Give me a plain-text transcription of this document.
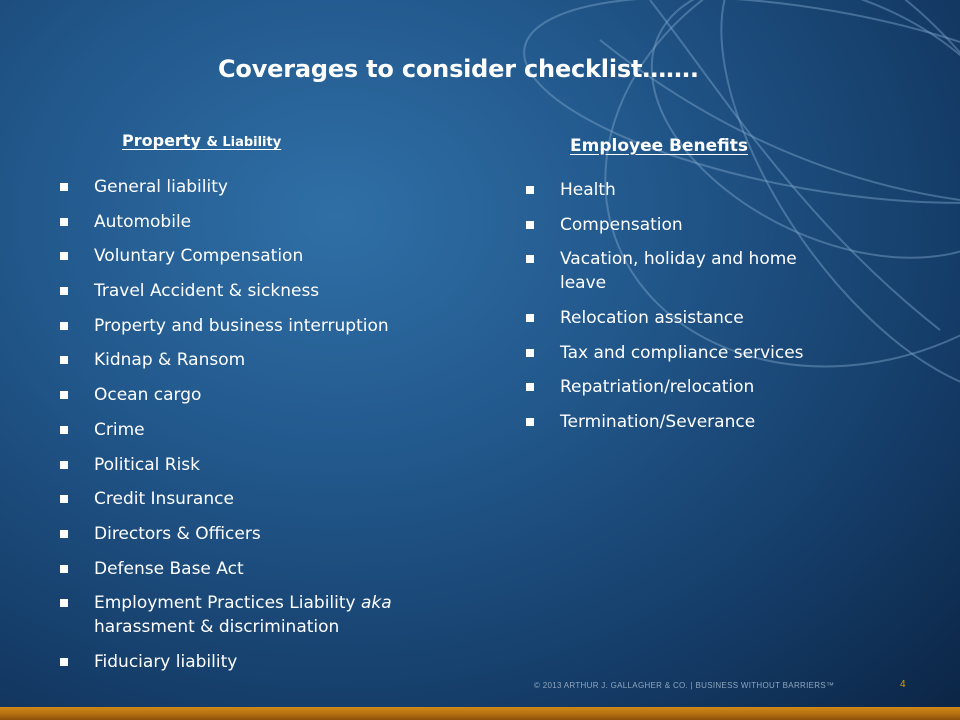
Coverages to consider checklist…….
Property & Liability	Employee Benefits
General liability
Automobile
Voluntary Compensation
Travel Accident & sickness
Property and business interruption
Kidnap & Ransom
Ocean cargo
Crime
Political Risk
Credit Insurance
Directors & Officers
Defense Base Act
Employment Practices Liability aka harassment & discrimination
Fiduciary liability
Health
Compensation
Vacation, holiday and home leave
Relocation assistance
Tax and compliance services
Repatriation/relocation
Termination/Severance
© 2013 ARTHUR J. GALLAGHER & CO. | BUSINESS WITHOUT BARRIERS™	4
